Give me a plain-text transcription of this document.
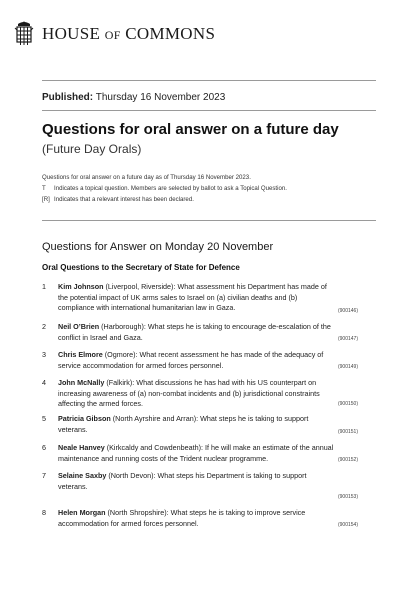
HOUSE OF COMMONS
Published: Thursday 16 November 2023
Questions for oral answer on a future day
(Future Day Orals)
Questions for oral answer on a future day as of Thursday 16 November 2023.
T	Indicates a topical question. Members are selected by ballot to ask a Topical Question.
[R] Indicates that a relevant interest has been declared.
Questions for Answer on Monday 20 November
Oral Questions to the Secretary of State for Defence
1 Kim Johnson (Liverpool, Riverside): What assessment his Department has made of the potential impact of UK arms sales to Israel on (a) civilian deaths and (b) compliance with international humanitarian law in Gaza.	(900146)
2 Neil O’Brien (Harborough): What steps he is taking to encourage de-escalation of the conflict in Israel and Gaza.	(900147)
3 Chris Elmore (Ogmore): What recent assessment he has made of the adequacy of service accommodation for armed forces personnel.	(900149)
4 John McNally (Falkirk): What discussions he has had with his US counterpart on increasing awareness of (a) non-combat incidents and (b) jurisdictional constraints affecting the armed forces.	(900150)
5 Patricia Gibson (North Ayrshire and Arran): What steps he is taking to support veterans.	(900151)
6 Neale Hanvey (Kirkcaldy and Cowdenbeath): If he will make an estimate of the annual maintenance and running costs of the Trident nuclear programme.	(900152)
7 Selaine Saxby (North Devon): What steps his Department is taking to support veterans.
(900153)
8 Helen Morgan (North Shropshire): What steps he is taking to improve service accommodation for armed forces personnel.	(900154)
